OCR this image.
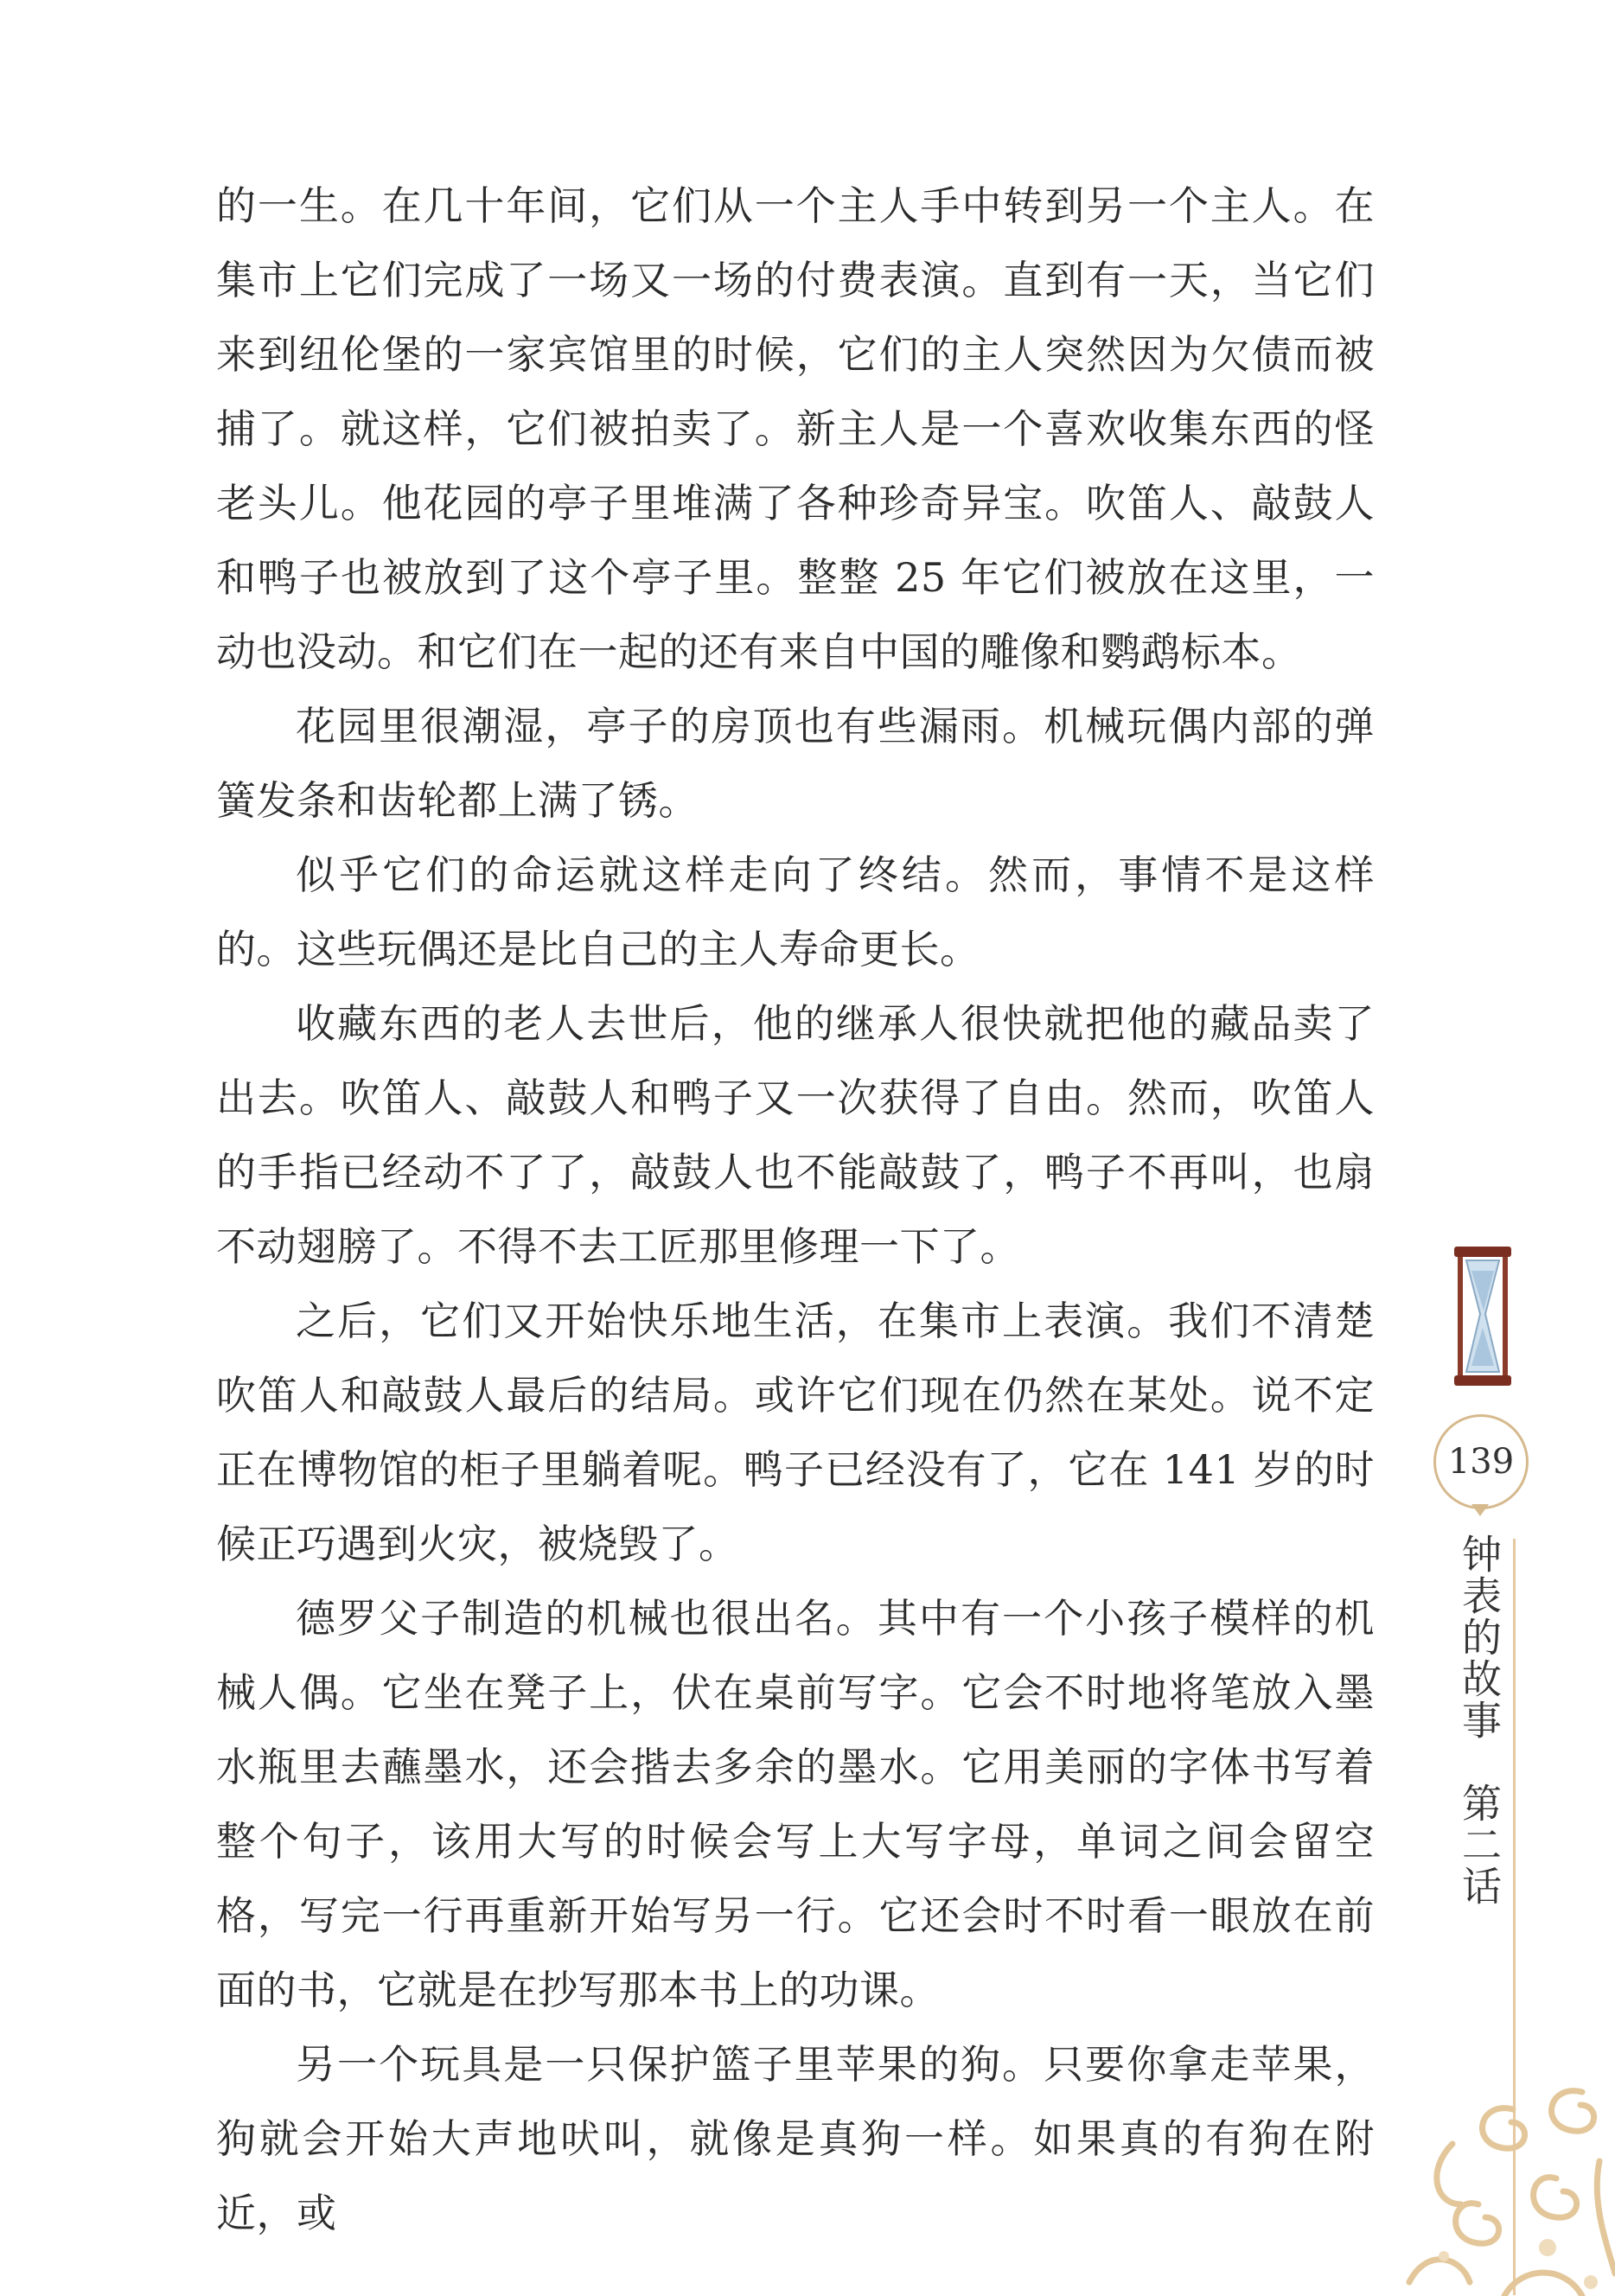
的一生。在几十年间，它们从一个主人手中转到另一个主人。在集市上它们完成了一场又一场的付费表演。直到有一天，当它们来到纽伦堡的一家宾馆里的时候，它们的主人突然因为欠债而被捕了。就这样，它们被拍卖了。新主人是一个喜欢收集东西的怪老头儿。他花园的亭子里堆满了各种珍奇异宝。吹笛人、敲鼓人和鸭子也被放到了这个亭子里。整整 25 年它们被放在这里，一动也没动。和它们在一起的还有来自中国的雕像和鹦鹉标本。

花园里很潮湿，亭子的房顶也有些漏雨。机械玩偶内部的弹簧发条和齿轮都上满了锈。

似乎它们的命运就这样走向了终结。然而，事情不是这样的。这些玩偶还是比自己的主人寿命更长。

收藏东西的老人去世后，他的继承人很快就把他的藏品卖了出去。吹笛人、敲鼓人和鸭子又一次获得了自由。然而，吹笛人的手指已经动不了了，敲鼓人也不能敲鼓了，鸭子不再叫，也扇不动翅膀了。不得不去工匠那里修理一下了。

之后，它们又开始快乐地生活，在集市上表演。我们不清楚吹笛人和敲鼓人最后的结局。或许它们现在仍然在某处。说不定正在博物馆的柜子里躺着呢。鸭子已经没有了，它在 141 岁的时候正巧遇到火灾，被烧毁了。

德罗父子制造的机械也很出名。其中有一个小孩子模样的机械人偶。它坐在凳子上，伏在桌前写字。它会不时地将笔放入墨水瓶里去蘸墨水，还会揩去多余的墨水。它用美丽的字体书写着整个句子，该用大写的时候会写上大写字母，单词之间会留空格，写完一行再重新开始写另一行。它还会时不时看一眼放在前面的书，它就是在抄写那本书上的功课。

另一个玩具是一只保护篮子里苹果的狗。只要你拿走苹果，狗就会开始大声地吠叫，就像是真狗一样。如果真的有狗在附近，或

139
钟表的故事　第二话
